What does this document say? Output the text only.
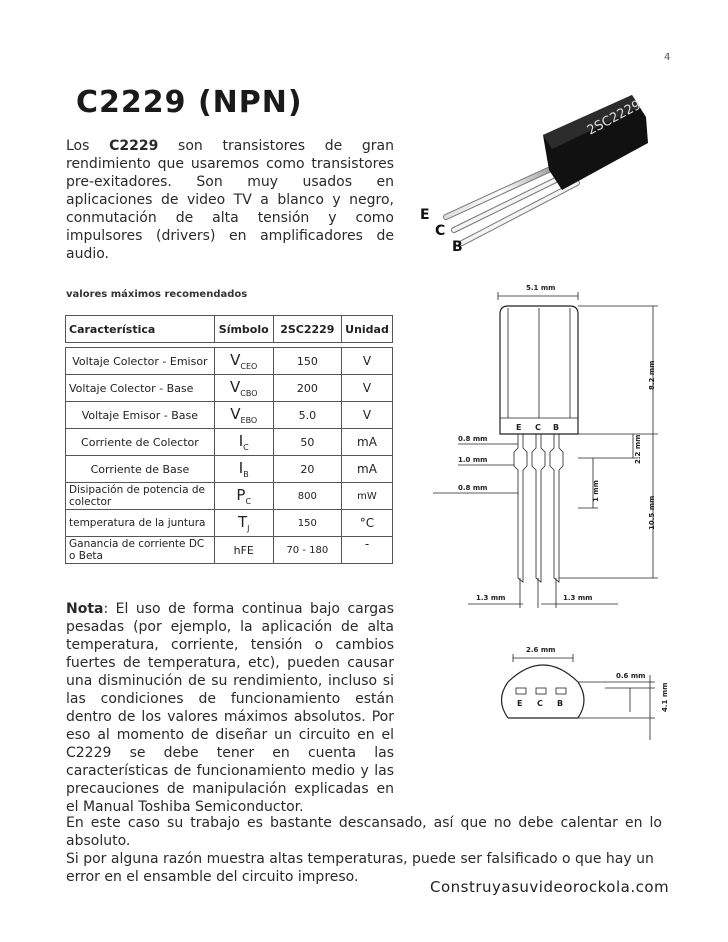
4
C2229 (NPN)
Los C2229 son transistores de gran rendimiento que usaremos como transistores pre-exitadores. Son muy usados en aplicaciones de video TV a blanco y negro, conmutación de alta tensión y como impulsores (drivers) en amplificadores de audio.
2SC2229
E
C
B
valores máximos recomendados
Característica	Símbolo	2SC2229	Unidad

Voltaje Colector - Emisor	$V_{CEO}$	150	V
Voltaje Colector - Base	$V_{CBO}$	200	V
Voltaje Emisor - Base	$V_{EBO}$	5.0	V
Corriente de Colector	$I_C$	50	mA
Corriente de Base	$I_B$	20	mA
Disipación de potencia de colector	$P_C$	800	mW
temperatura de la juntura	$T_J$	150	°C
Ganancia de corriente DC o Beta	hFE	70 - 180	-
5.1 mm
8.2 mm
E C B
0.8 mm
1.0 mm
0.8 mm
2.2 mm
1 mm
10.5 mm
1.3 mm	1.3 mm
2.6 mm
0.6 mm
4.1 mm
E C B
Nota: El uso de forma continua bajo cargas pesadas (por ejemplo, la aplicación de alta temperatura, corriente, tensión o cambios fuertes de temperatura, etc), pueden causar una disminución de su rendimiento, incluso si las condiciones de funcionamiento están dentro de los valores máximos absolutos. Por eso al momento de diseñar un circuito en el C2229 se debe tener en cuenta las características de funcionamiento medio y las precauciones de manipulación explicadas en el Manual Toshiba Semiconductor.
En este caso su trabajo es bastante descansado, así que no debe calentar en lo absoluto.
Si por alguna razón muestra altas temperaturas, puede ser falsificado o que hay un error en el ensamble del circuito impreso.
Construyasuvideorockola.com
